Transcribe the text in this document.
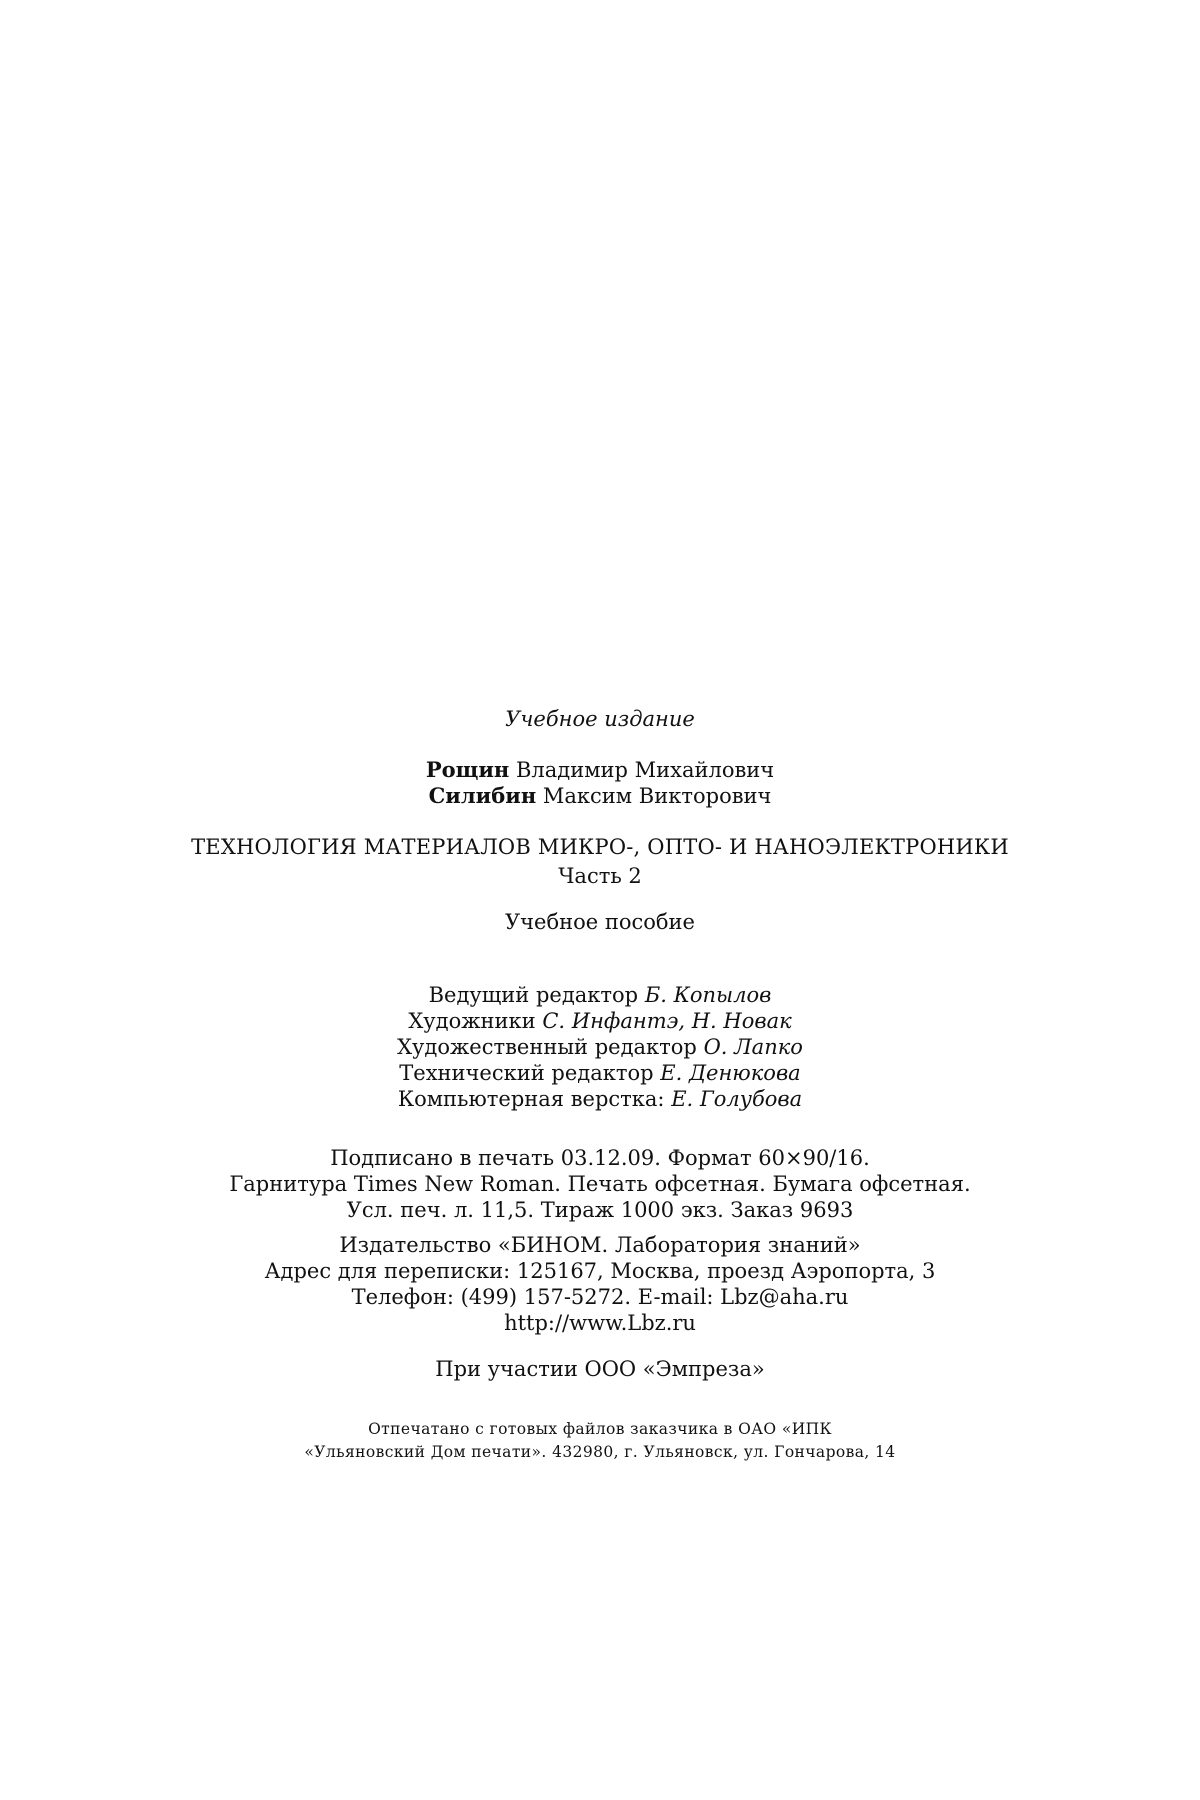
Учебное издание
Рощин Владимир Михайлович
Силибин Максим Викторович
ТЕХНОЛОГИЯ МАТЕРИАЛОВ МИКРО-, ОПТО- И НАНОЭЛЕКТРОНИКИ
Часть 2
Учебное пособие
Ведущий редактор Б. Копылов
Художники С. Инфантэ, Н. Новак
Художественный редактор О. Лапко
Технический редактор Е. Денюкова
Компьютерная верстка: Е. Голубова
Подписано в печать 03.12.09. Формат 60×90/16.
Гарнитура Times New Roman. Печать офсетная. Бумага офсетная.
Усл. печ. л. 11,5. Тираж 1000 экз. Заказ 9693
Издательство «БИНОМ. Лаборатория знаний»
Адрес для переписки: 125167, Москва, проезд Аэропорта, 3
Телефон: (499) 157-5272. E-mail: Lbz@aha.ru
http://www.Lbz.ru
При участии ООО «Эмпреза»
Отпечатано с готовых файлов заказчика в ОАО «ИПК
«Ульяновский Дом печати». 432980, г. Ульяновск, ул. Гончарова, 14
